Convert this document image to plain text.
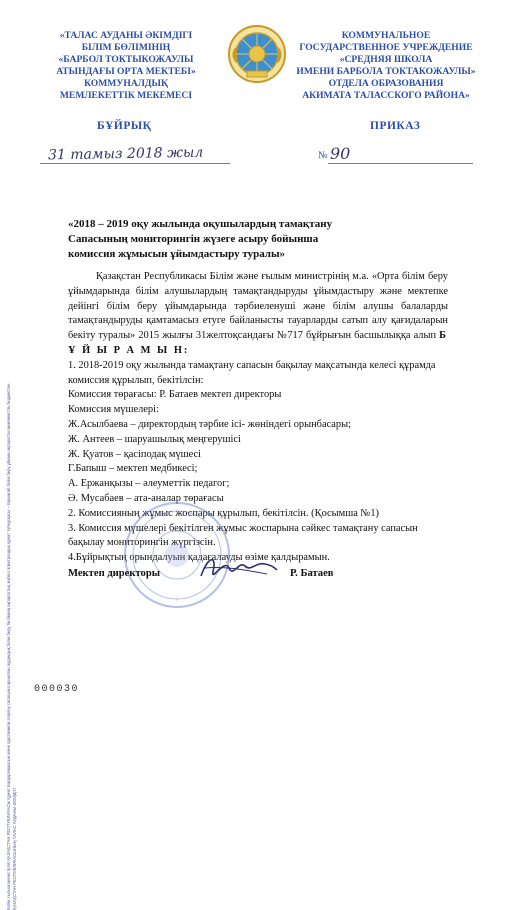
Білім, ғылым министрлігі ҚАЗАҚСТАН РЕСПУБЛИКАСЫ Құжат Бағдарламасын және әдістемелік әзірлеу сапасына арналған аудандық білім беру бөлімінің ақпараттық жүйесі электрондық құжат түпнұсқасы – Бірыңғай білім беру ұйымы ақпаратты мемлекеттік бюджеттен ҚАЗАҚСТАН РЕСПУБЛИКАСЫНЫҢ ТАЛАС АУДАНЫ ӘКІМДІГІ
«ТАЛАС АУДАНЫ ӘКІМДІГІ
БІЛІМ БӨЛІМІНІҢ
«БАРБОЛ ТОКТЫКОЖАУЛЫ
АТЫНДАҒЫ ОРТА МЕКТЕБІ»
КОММУНАЛДЫҚ
МЕМЛЕКЕТТІК МЕКЕМЕСІ
КОММУНАЛЬНОЕ
ГОСУДАРСТВЕННОЕ УЧРЕЖДЕНИЕ
«СРЕДНЯЯ ШКОЛА
ИМЕНИ БАРБОЛА ТОКТАКОЖАУЛЫ»
ОТДЕЛА ОБРАЗОВАНИЯ
АКИМАТА ТАЛАССКОГО РАЙОНА»
БҰЙРЫҚ	ПРИКАЗ
31 тамыз 2018 жыл	№ 90
«2018 – 2019 оқу жылында оқушылардың тамақтану
Сапасының мониторингін жүзеге асыру бойынша
комиссия жұмысын ұйымдастыру туралы»

Қазақстан Республикасы Білім және ғылым министрінің м.а. «Орта білім беру ұйымдарында білім алушылардың тамақтандыруды ұйымдастыру және мектепке дейінгі білім беру ұйымдарында тәрбиеленуші және білім алушы балаларды тамақтандыруды қамтамасыз етуге байланысты тауарларды сатып алу қағидаларын бекіту туралы» 2015 жылғы 31желтоқсандағы №717 бұйрығын басшылыққа алып Б Ұ Й Ы Р А М Ы Н:

1. 2018-2019 оқу жылында тамақтану сапасын бақылау мақсатында келесі құрамда комиссия құрылып, бекітілсін:

Комиссия төрағасы: Р. Батаев мектеп директоры

Комиссия мүшелері:

Ж.Асылбаева – директордың тәрбие ісі- жөніндегі орынбасары;

Ж. Антеев – шаруашылық меңгерушісі

Ж. Қуатов – қасіподақ мүшесі

Г.Бапыш – мектеп медбикесі;

А. Ержанқызы – әлеуметтік педагог;

Ә. Мусабаев – ата-аналар төрағасы

2. Комиссияның жұмыс жоспары құрылып, бекітілсін. (Қосымша №1)

3. Комиссия мүшелері бекітілген жұмыс жоспарына сәйкес тамақтану сапасын бақылау мониторингін жүргізсін.

4.Бұйрықтың орындалуын қадағалауды өзіме қалдырамын.

Мектеп директоры	Р. Батаев
000030
